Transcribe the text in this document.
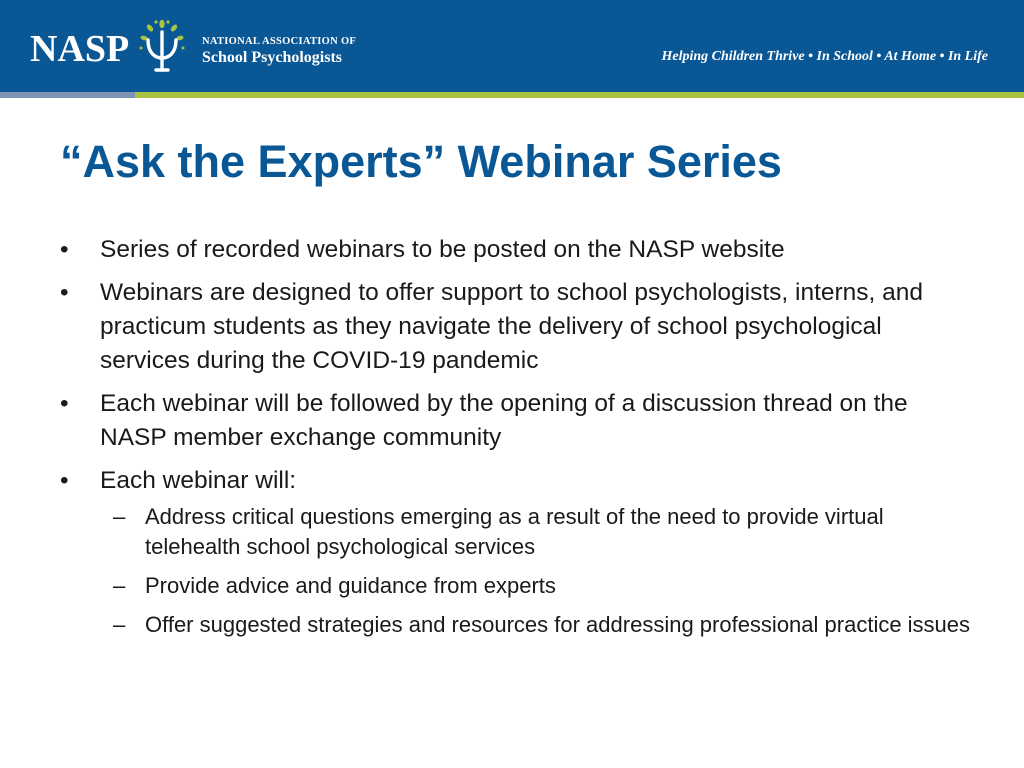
NASP	NATIONAL ASSOCIATION OF
School Psychologists	Helping Children Thrive • In School • At Home • In Life
“Ask the Experts” Webinar Series
• Series of recorded webinars to be posted on the NASP website
• Webinars are designed to offer support to school psychologists, interns, and practicum students as they navigate the delivery of school psychological services during the COVID-19 pandemic
• Each webinar will be followed by the opening of a discussion thread on the NASP member exchange community
• Each webinar will:
– Address critical questions emerging as a result of the need to provide virtual telehealth school psychological services
– Provide advice and guidance from experts
– Offer suggested strategies and resources for addressing professional practice issues
